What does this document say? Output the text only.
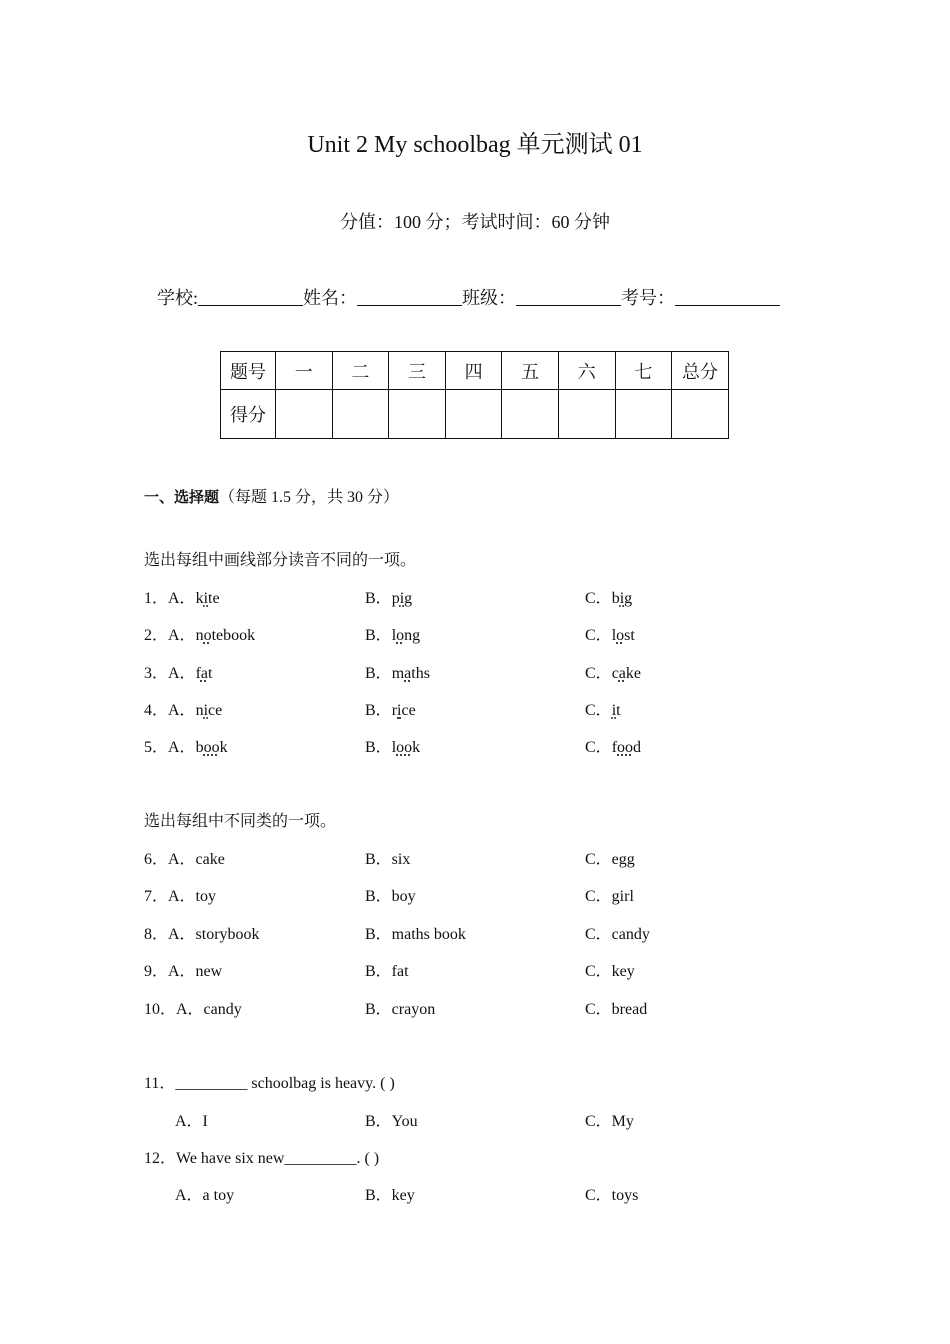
Unit 2 My schoolbag 单元测试 01
分值：100 分；考试时间：60 分钟
学校:	姓名：	班级：	考号：
题号	一	二	三	四	五	六	七	总分
得分								
一、选择题（每题 1.5 分，共 30 分）
选出每组中画线部分读音不同的一项。
1．A．kite	B．pig	C．big
2．A．notebook	B．long	C．lost
3．A．fat	B．maths	C．cake
4．A．nice	B．rice	C．it
5．A．book	B．look	C．food
选出每组中不同类的一项。
6．A．cake	B．six	C．egg
7．A．toy	B．boy	C．girl
8．A．storybook	B．maths book	C．candy
9．A．new	B．fat	C．key
10．A．candy	B．crayon	C．bread
11．_________ schoolbag is heavy. ( )
A．I	B．You	C．My
12．We have six new_________. ( )
A．a toy	B．key	C．toys
